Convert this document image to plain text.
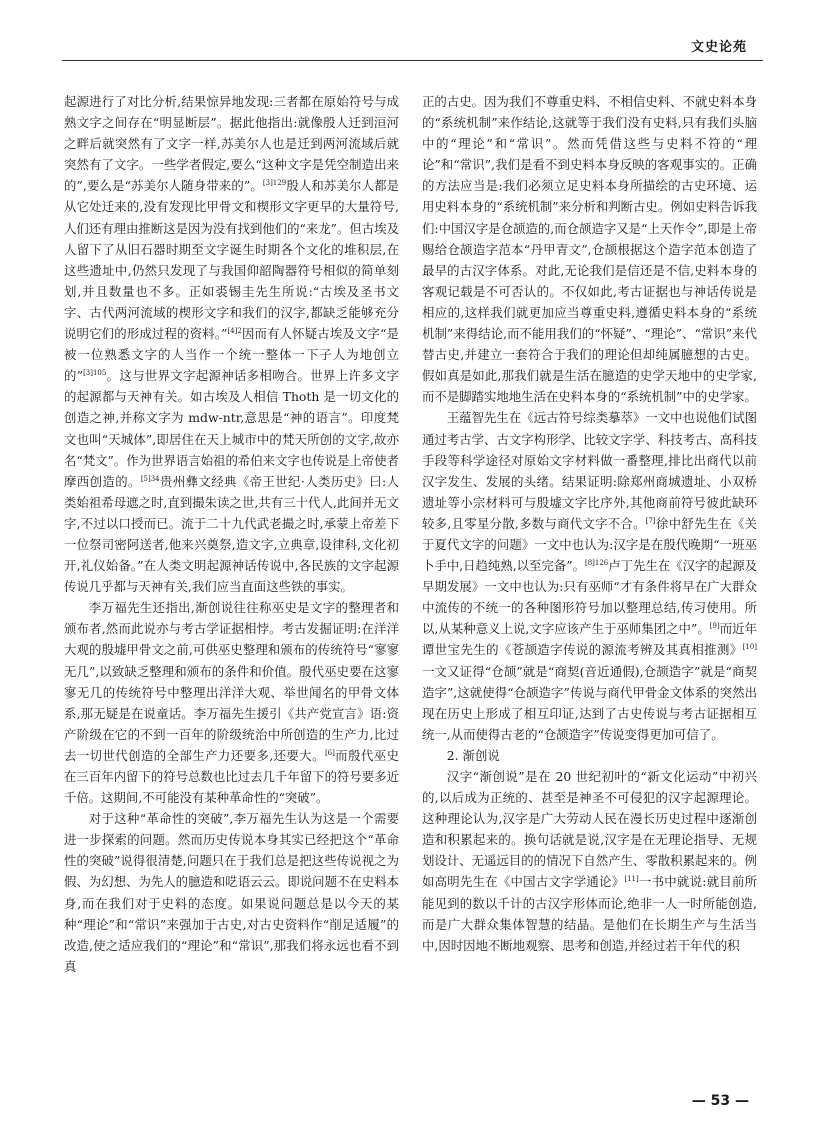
文史论苑

起源进行了对比分析,结果惊异地发现:三者都在原始符号与成熟文字之间存在“明显断层”。据此他指出:就像殷人迁到洹河之畔后就突然有了文字一样,苏美尔人也是迁到两河流域后就突然有了文字。一些学者假定,要么“这种文字是凭空制造出来的”,要么是“苏美尔人随身带来的”。$^{[3]129}$殷人和苏美尔人都是从它处迁来的,没有发现比甲骨文和楔形文字更早的大量符号,人们还有理由推断这是因为没有找到他们的“来龙”。但古埃及人留下了从旧石器时期至文字诞生时期各个文化的堆积层,在这些遗址中,仍然只发现了与我国仰韶陶器符号相似的简单刻划,并且数量也不多。正如裘锡圭先生所说:“古埃及圣书文字、古代两河流域的楔形文字和我们的汉字,都缺乏能够充分说明它们的形成过程的资料。”$^{[4]2}$因而有人怀疑古埃及文字“是被一位熟悉文字的人当作一个统一整体一下子人为地创立的”$^{[3]105}$。这与世界文字起源神话多相吻合。世界上许多文字的起源都与天神有关。如古埃及人相信 Thoth 是一切文化的创造之神,并称文字为 mdw-ntr,意思是“神的语言”。印度梵文也叫“天城体”,即居住在天上城市中的梵天所创的文字,故亦名“梵文”。作为世界语言始祖的希伯来文字也传说是上帝使者摩西创造的。$^{[5]34}$贵州彝文经典《帝王世纪·人类历史》曰:人类始祖希母遮之时,直到撮朱读之世,共有三十代人,此间并无文字,不过以口授而已。流于二十九代武老撮之时,承蒙上帝差下一位祭司密阿送者,他来兴奠祭,造文字,立典章,设律科,文化初开,礼仪始备。”在人类文明起源神话传说中,各民族的文字起源传说几乎都与天神有关,我们应当直面这些铁的事实。

李万福先生还指出,渐创说往往称巫史是文字的整理者和颁布者,然而此说亦与考古学证据相悖。考古发掘证明:在洋洋大观的殷墟甲骨文之前,可供巫史整理和颁布的传统符号“寥寥无几”,以致缺乏整理和颁布的条件和价值。殷代巫史要在这寥寥无几的传统符号中整理出洋洋大观、举世闻名的甲骨文体系,那无疑是在说童话。李万福先生援引《共产党宣言》语:资产阶级在它的不到一百年的阶级统治中所创造的生产力,比过去一切世代创造的全部生产力还要多,还要大。[6]而殷代巫史在三百年内留下的符号总数也比过去几千年留下的符号要多近千倍。这期间,不可能没有某种革命性的“突破”。

对于这种“革命性的突破”,李万福先生认为这是一个需要进一步探索的问题。然而历史传说本身其实已经把这个“革命性的突破”说得很清楚,问题只在于我们总是把这些传说视之为假、为幻想、为先人的臆造和呓语云云。即说问题不在史料本身,而在我们对于史料的态度。如果说问题总是以今天的某种“理论”和“常识”来强加于古史,对古史资料作“削足适履”的改造,使之适应我们的“理论”和“常识”,那我们将永远也看不到真

正的古史。因为我们不尊重史料、不相信史料、不就史料本身的“系统机制”来作结论,这就等于我们没有史料,只有我们头脑中的“理论”和“常识”。然而凭借这些与史料不符的“理论”和“常识”,我们是看不到史料本身反映的客观事实的。正确的方法应当是:我们必须立足史料本身所描绘的古史环境、运用史料本身的“系统机制”来分析和判断古史。例如史料告诉我们:中国汉字是仓颉造的,而仓颉造字又是“上天作令”,即是上帝赐给仓颉造字范本“丹甲青文”,仓颉根据这个造字范本创造了最早的古汉字体系。对此,无论我们是信还是不信,史料本身的客观记载是不可否认的。不仅如此,考古证据也与神话传说是相应的,这样我们就更加应当尊重史料,遵循史料本身的“系统机制”来得结论,而不能用我们的“怀疑”、“理论”、“常识”来代替古史,并建立一套符合于我们的理论但却纯属臆想的古史。假如真是如此,那我们就是生活在臆造的史学天地中的史学家,而不是脚踏实地地生活在史料本身的“系统机制”中的史学家。

王蕴智先生在《远古符号综类摹萃》一文中也说他们试图通过考古学、古文字构形学、比较文字学、科技考古、高科技手段等科学途径对原始文字材料做一番整理,排比出商代以前汉字发生、发展的头绪。结果证明:除郑州商城遗址、小双桥遗址等小宗材料可与殷墟文字比序外,其他商前符号彼此缺环较多,且零星分散,多数与商代文字不合。[7]徐中舒先生在《关于夏代文字的问题》一文中也认为:汉字是在殷代晚期“一班巫卜手中,日趋纯熟,以至完备”。$^{[8]126}$卢丁先生在《汉字的起源及早期发展》一文中也认为:只有巫师“才有条件将早在广大群众中流传的不统一的各种图形符号加以整理总结,传习使用。所以,从某种意义上说,文字应该产生于巫师集团之中”。[9]而近年谭世宝先生的《苍颉造字传说的源流考辨及其真相推测》[10]一文又证得“仓颉”就是“商契(音近通假),仓颉造字”就是“商契造字”,这就使得“仓颉造字”传说与商代甲骨金文体系的突然出现在历史上形成了相互印证,达到了古史传说与考古证据相互统一,从而使得古老的“仓颉造字”传说变得更加可信了。

2. 渐创说

汉字“渐创说”是在 20 世纪初叶的“新文化运动”中初兴的,以后成为正统的、甚至是神圣不可侵犯的汉字起源理论。这种理论认为,汉字是广大劳动人民在漫长历史过程中逐渐创造和积累起来的。换句话就是说,汉字是在无理论指导、无规划设计、无遥远目的的情况下自然产生、零散积累起来的。例如高明先生在《中国古文字学通论》[11]一书中就说:就目前所能见到的数以千计的古汉字形体而论,绝非一人一时所能创造,而是广大群众集体智慧的结晶。是他们在长期生产与生活当中,因时因地不断地观察、思考和创造,并经过若干年代的积

— 53 —
